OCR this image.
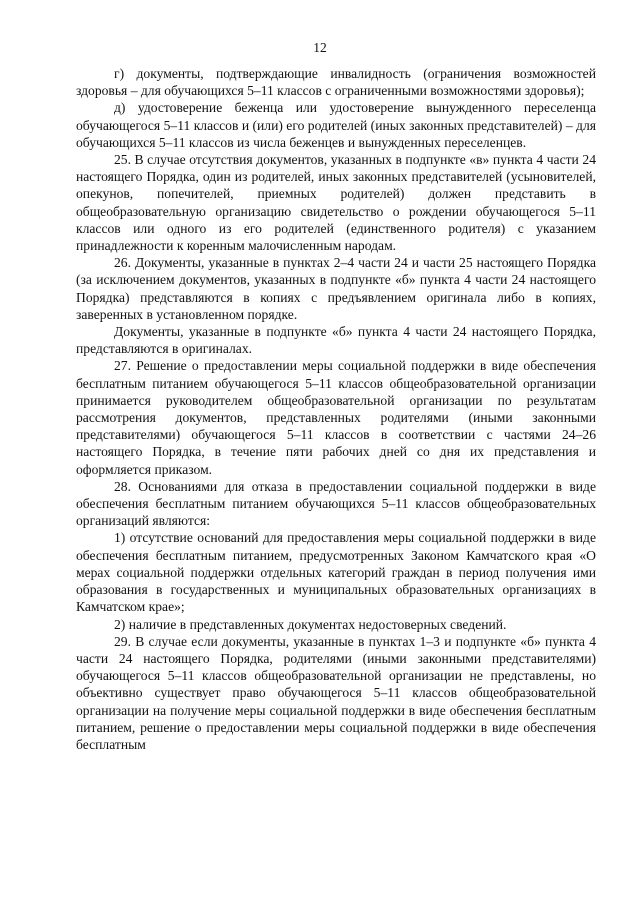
12

г) документы, подтверждающие инвалидность (ограничения возможностей здоровья – для обучающихся 5–11 классов с ограниченными возможностями здоровья);

д) удостоверение беженца или удостоверение вынужденного переселенца обучающегося 5–11 классов и (или) его родителей (иных законных представителей) – для обучающихся 5–11 классов из числа беженцев и вынужденных переселенцев.

25. В случае отсутствия документов, указанных в подпункте «в» пункта 4 части 24 настоящего Порядка, один из родителей, иных законных представителей (усыновителей, опекунов, попечителей, приемных родителей) должен представить в общеобразовательную организацию свидетельство о рождении обучающегося 5–11 классов или одного из его родителей (единственного родителя) с указанием принадлежности к коренным малочисленным народам.

26. Документы, указанные в пунктах 2–4 части 24 и части 25 настоящего Порядка (за исключением документов, указанных в подпункте «б» пункта 4 части 24 настоящего Порядка) представляются в копиях с предъявлением оригинала либо в копиях, заверенных в установленном порядке.

Документы, указанные в подпункте «б» пункта 4 части 24 настоящего Порядка, представляются в оригиналах.

27. Решение о предоставлении меры социальной поддержки в виде обеспечения бесплатным питанием обучающегося 5–11 классов общеобразовательной организации принимается руководителем общеобразовательной организации по результатам рассмотрения документов, представленных родителями (иными законными представителями) обучающегося 5–11 классов в соответствии с частями 24–26 настоящего Порядка, в течение пяти рабочих дней со дня их представления и оформляется приказом.

28. Основаниями для отказа в предоставлении социальной поддержки в виде обеспечения бесплатным питанием обучающихся 5–11 классов общеобразовательных организаций являются:

1) отсутствие оснований для предоставления меры социальной поддержки в виде обеспечения бесплатным питанием, предусмотренных Законом Камчатского края «О мерах социальной поддержки отдельных категорий граждан в период получения ими образования в государственных и муниципальных образовательных организациях в Камчатском крае»;

2) наличие в представленных документах недостоверных сведений.

29. В случае если документы, указанные в пунктах 1–3 и подпункте «б» пункта 4 части 24 настоящего Порядка, родителями (иными законными представителями) обучающегося 5–11 классов общеобразовательной организации не представлены, но объективно существует право обучающегося 5–11 классов общеобразовательной организации на получение меры социальной поддержки в виде обеспечения бесплатным питанием, решение о предоставлении меры социальной поддержки в виде обеспечения бесплатным
